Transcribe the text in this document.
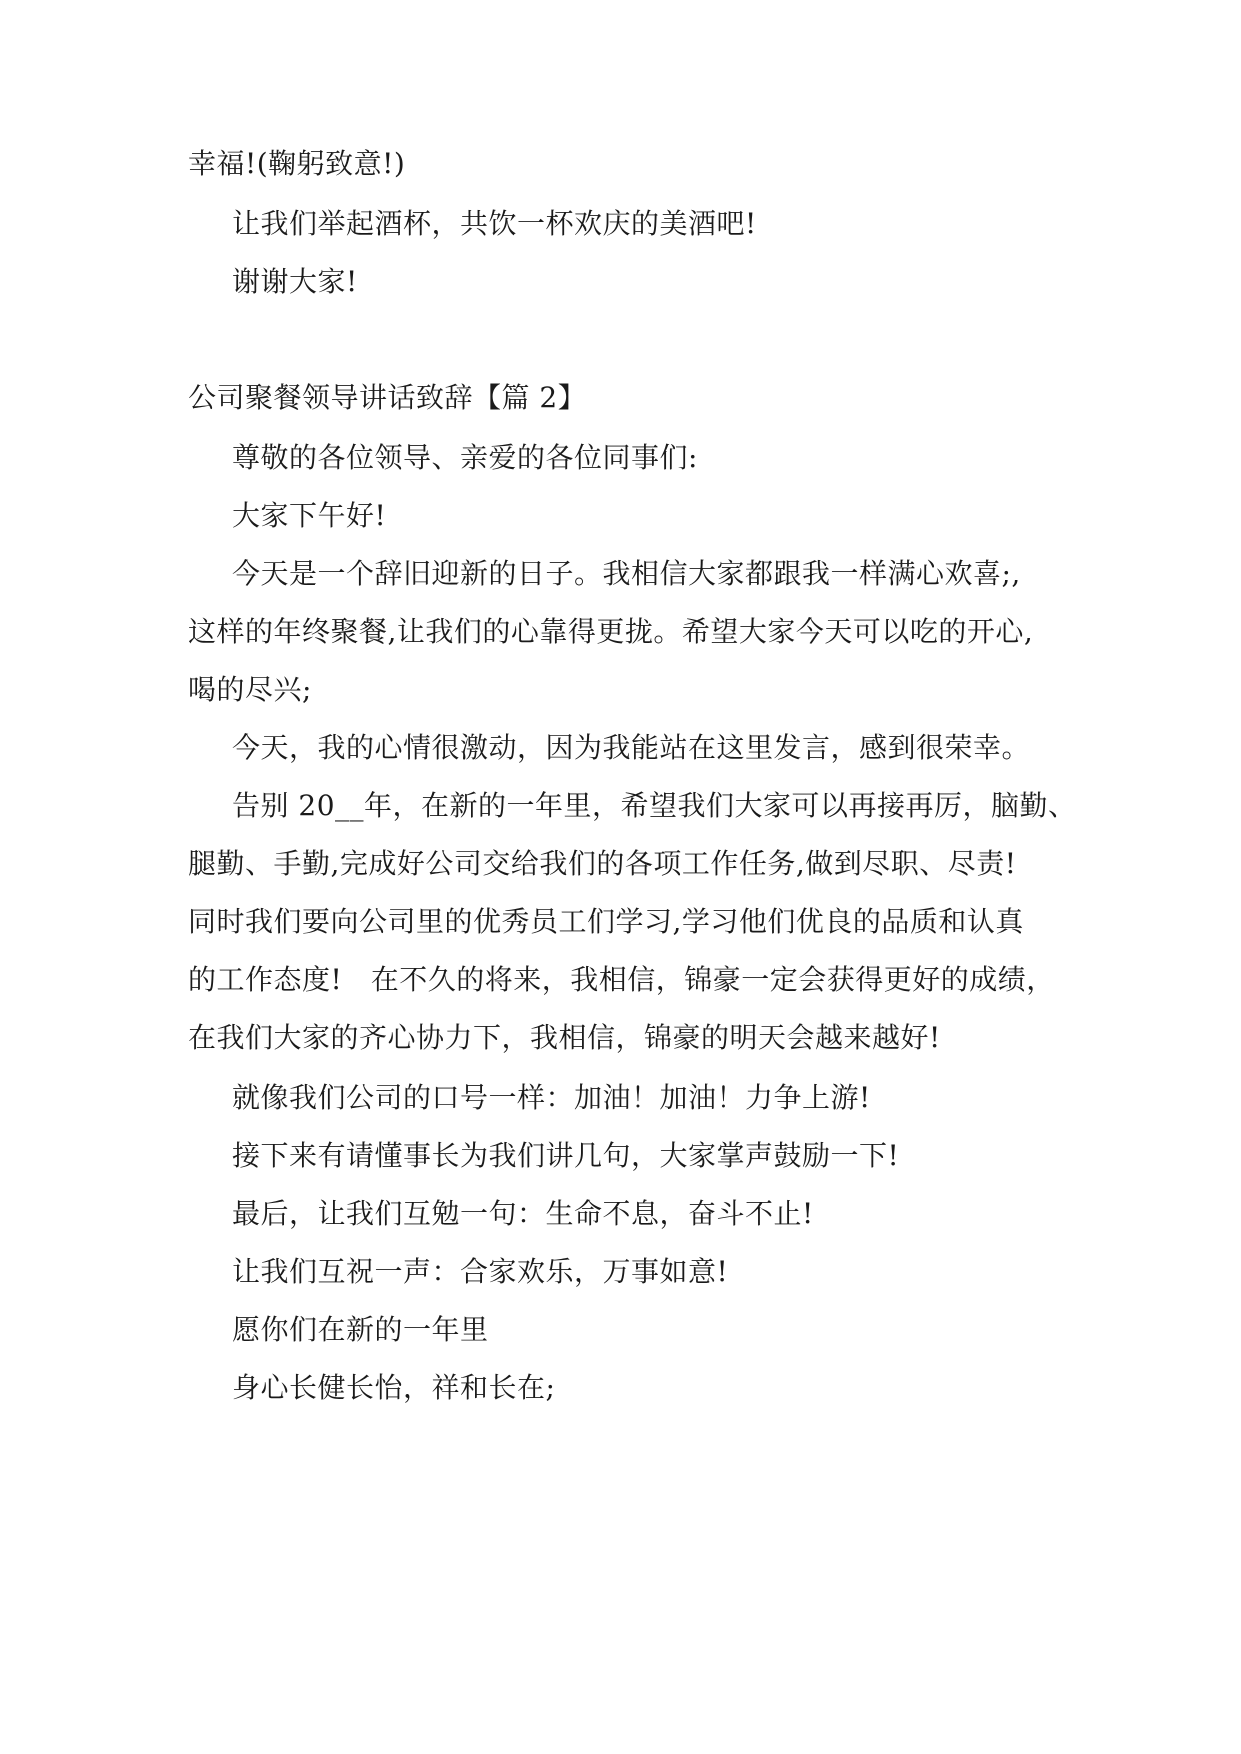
幸福!(鞠躬致意!)
让我们举起酒杯，共饮一杯欢庆的美酒吧!
谢谢大家!
公司聚餐领导讲话致辞【篇 2】
尊敬的各位领导、亲爱的各位同事们:
大家下午好!
今天是一个辞旧迎新的日子。我相信大家都跟我一样满心欢喜;,
这样的年终聚餐,让我们的心靠得更拢。希望大家今天可以吃的开心,
喝的尽兴;
今天，我的心情很激动，因为我能站在这里发言，感到很荣幸。
告别 20__年，在新的一年里，希望我们大家可以再接再厉，脑勤、
腿勤、手勤,完成好公司交给我们的各项工作任务,做到尽职、尽责!
同时我们要向公司里的优秀员工们学习,学习他们优良的品质和认真
的工作态度!　在不久的将来，我相信，锦豪一定会获得更好的成绩，
在我们大家的齐心协力下，我相信，锦豪的明天会越来越好!
就像我们公司的口号一样：加油！加油！力争上游!
接下来有请懂事长为我们讲几句，大家掌声鼓励一下!
最后，让我们互勉一句：生命不息，奋斗不止!
让我们互祝一声：合家欢乐，万事如意!
愿你们在新的一年里
身心长健长怡，祥和长在;
